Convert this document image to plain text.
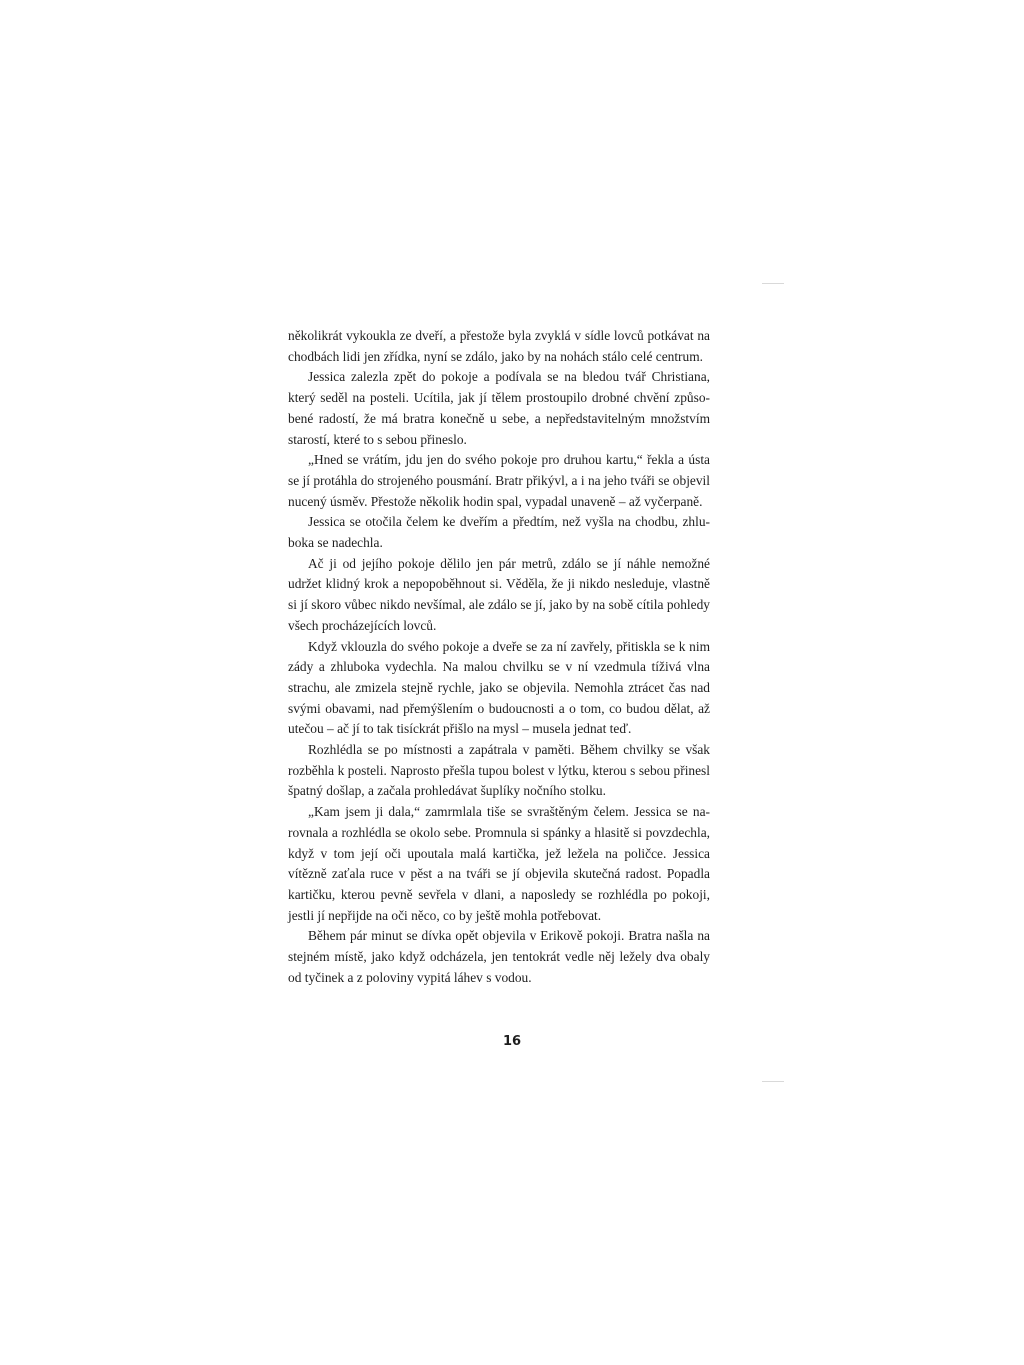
několikrát vykoukla ze dveří, a přestože byla zvyklá v sídle lovců potkávat na chodbách lidi jen zřídka, nyní se zdálo, jako by na nohách stálo celé centrum.

Jessica zalezla zpět do pokoje a podívala se na bledou tvář Christiana, který seděl na posteli. Ucítila, jak jí tělem prostoupilo drobné chvění způsobené radostí, že má bratra konečně u sebe, a nepředstavitelným množstvím starostí, které to s sebou přineslo.

„Hned se vrátím, jdu jen do svého pokoje pro druhou kartu,“ řekla a ústa se jí protáhla do strojeného pousmání. Bratr přikývl, a i na jeho tváři se objevil nucený úsměv. Přestože několik hodin spal, vypadal unaveně – až vyčerpaně.

Jessica se otočila čelem ke dveřím a předtím, než vyšla na chodbu, zhluboka se nadechla.

Ač ji od jejího pokoje dělilo jen pár metrů, zdálo se jí náhle nemožné udržet klidný krok a nepopoběhnout si. Věděla, že ji nikdo nesleduje, vlastně si jí skoro vůbec nikdo nevšímal, ale zdálo se jí, jako by na sobě cítila pohledy všech procházejících lovců.

Když vklouzla do svého pokoje a dveře se za ní zavřely, přitiskla se k nim zády a zhluboka vydechla. Na malou chvilku se v ní vzedmula tíživá vlna strachu, ale zmizela stejně rychle, jako se objevila. Nemohla ztrácet čas nad svými obavami, nad přemýšlením o budoucnosti a o tom, co budou dělat, až utečou – ač jí to tak tisíckrát přišlo na mysl – musela jednat teď.

Rozhlédla se po místnosti a zapátrala v paměti. Během chvilky se však rozběhla k posteli. Naprosto přešla tupou bolest v lýtku, kterou s sebou přinesl špatný došlap, a začala prohledávat šuplíky nočního stolku.

„Kam jsem ji dala,“ zamrmlala tiše se svraštěným čelem. Jessica se narovnala a rozhlédla se okolo sebe. Promnula si spánky a hlasitě si povzdechla, když v tom její oči upoutala malá kartička, jež ležela na poličce. Jessica vítězně zaťala ruce v pěst a na tváři se jí objevila skutečná radost. Popadla kartičku, kterou pevně sevřela v dlani, a naposledy se rozhlédla po pokoji, jestli jí nepřijde na oči něco, co by ještě mohla potřebovat.

Během pár minut se dívka opět objevila v Erikově pokoji. Bratra našla na stejném místě, jako když odcházela, jen tentokrát vedle něj ležely dva obaly od tyčinek a z poloviny vypitá láhev s vodou.

16
